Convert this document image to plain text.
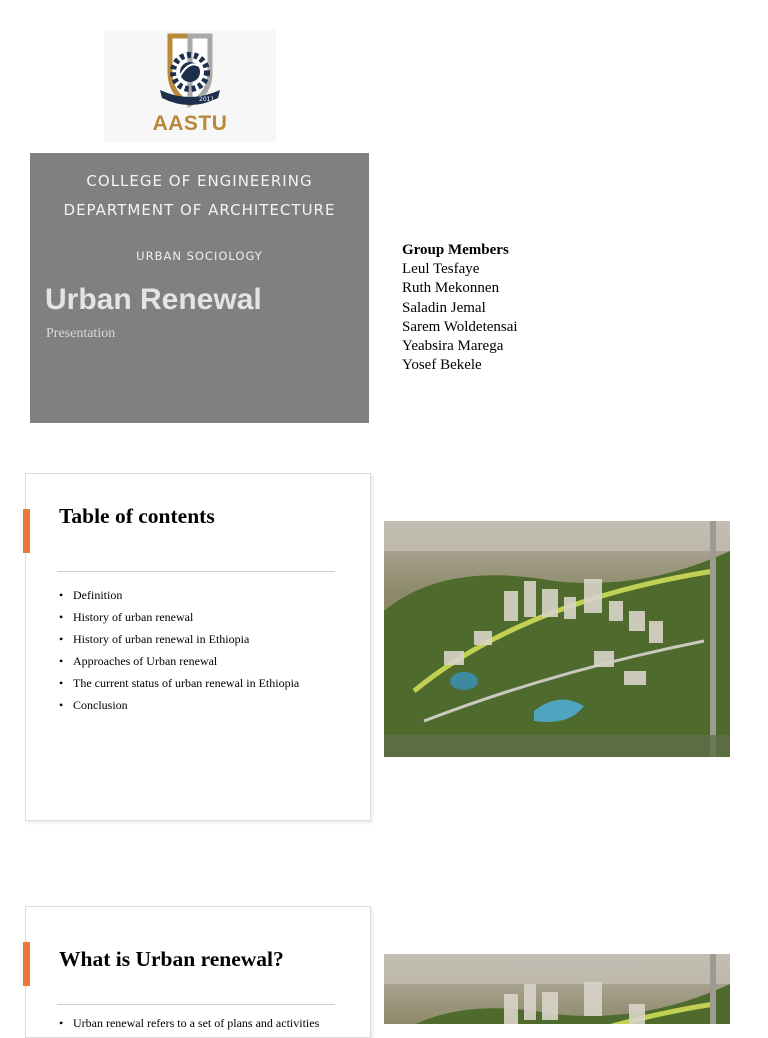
2011
AASTU
COLLEGE OF ENGINEERING
DEPARTMENT OF ARCHITECTURE
URBAN SOCIOLOGY
Urban Renewal
Presentation
Group Members
Leul Tesfaye
Ruth Mekonnen
Saladin Jemal
Sarem Woldetensai
Yeabsira Marega
Yosef Bekele
Table of contents
• Definition
• History of urban renewal
• History of urban renewal in Ethiopia
• Approaches of Urban renewal
• The current status of urban renewal in Ethiopia
• Conclusion
What is Urban renewal?
• Urban renewal refers to a set of plans and activities
